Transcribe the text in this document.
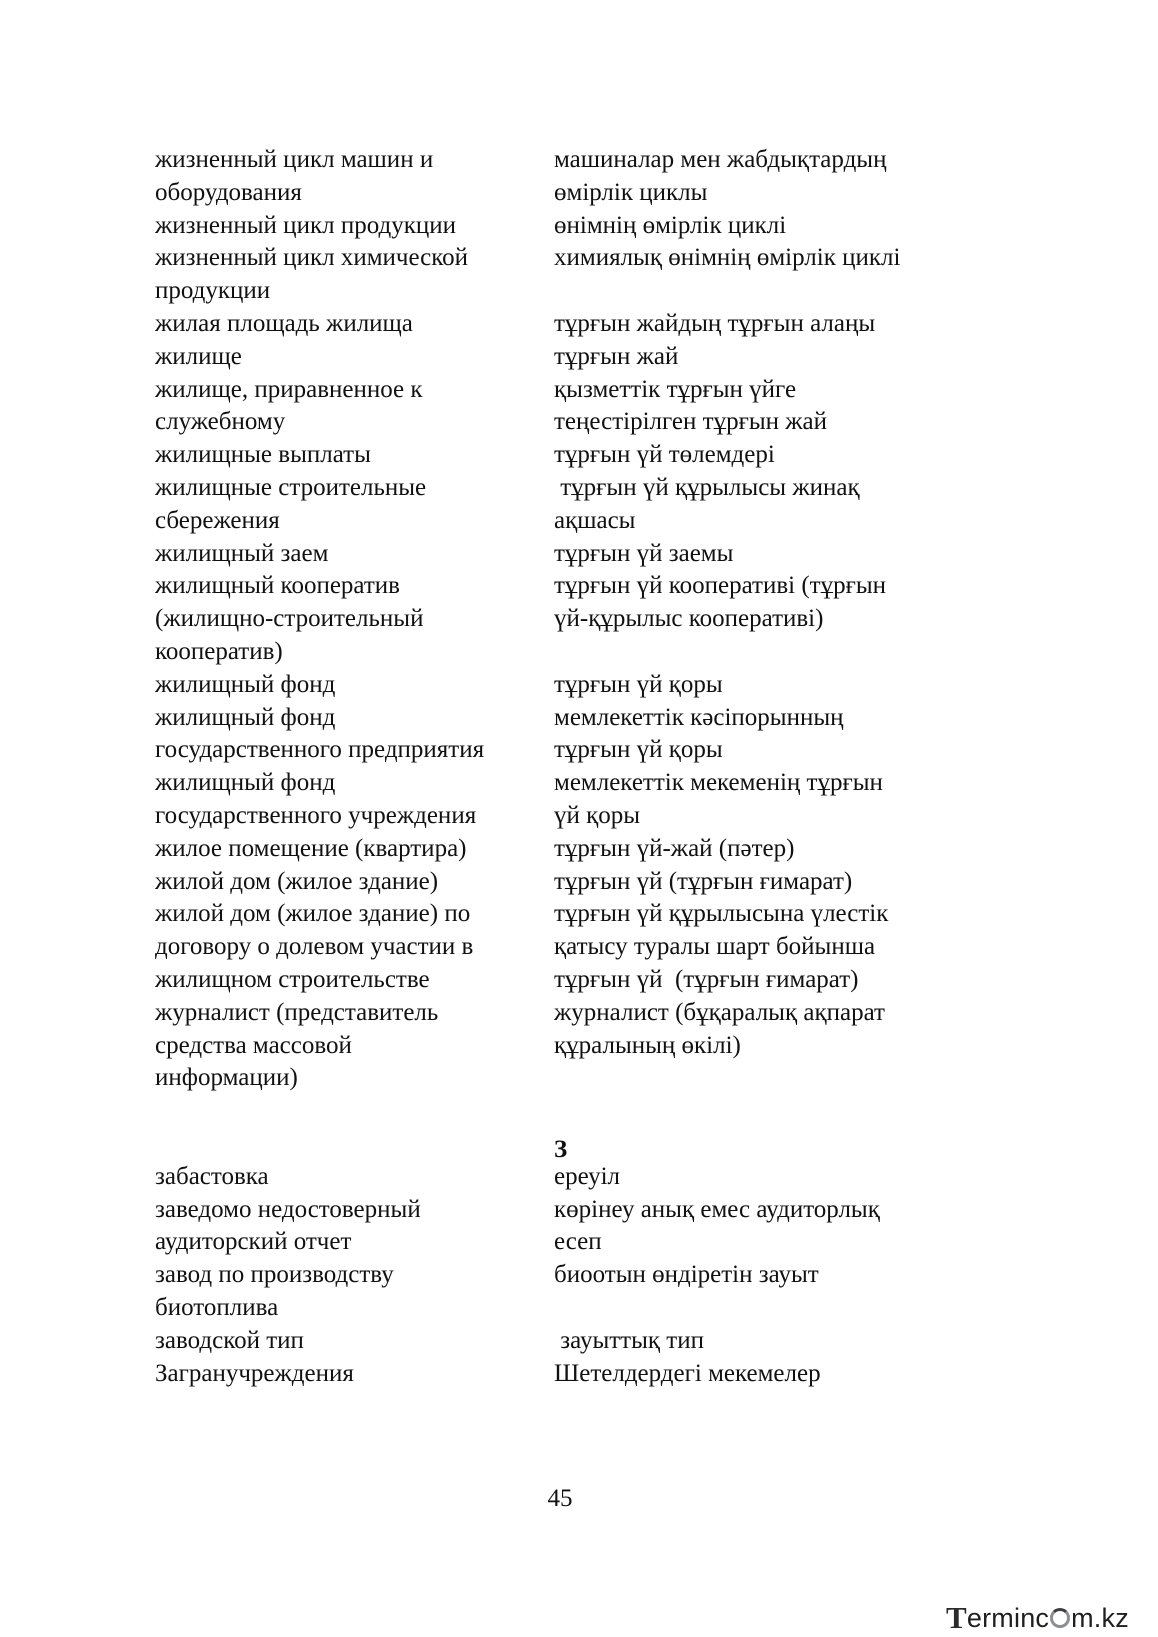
жизненный цикл машин и
оборудования
жизненный цикл продукции
жизненный цикл химической
продукции
жилая площадь жилища
жилище
жилище, приравненное к
служебному
жилищные выплаты
жилищные строительные
сбережения
жилищный заем
жилищный кооператив
(жилищно-строительный
кооператив)
жилищный фонд
жилищный фонд
государственного предприятия
жилищный фонд
государственного учреждения
жилое помещение (квартира)
жилой дом (жилое здание)
жилой дом (жилое здание) по
договору о долевом участии в
жилищном строительстве
журналист (представитель
средства массовой
информации)
забастовка
заведомо недостоверный
аудиторский отчет
завод по производству
биотоплива
заводской тип
Загранучреждения
машиналар мен жабдықтардың
өмірлік циклы
өнімнің өмірлік циклі
химиялық өнімнің өмірлік циклі
тұрғын жайдың тұрғын алаңы
тұрғын жай
қызметтік тұрғын үйге
теңестірілген тұрғын жай
тұрғын үй төлемдері
тұрғын үй құрылысы жинақ
ақшасы
тұрғын үй заемы
тұрғын үй кооперативі (тұрғын
үй-құрылыс кооперативі)
тұрғын үй қоры
мемлекеттік кәсіпорынның
тұрғын үй қоры
мемлекеттік мекеменің тұрғын
үй қоры
тұрғын үй-жай (пәтер)
тұрғын үй (тұрғын ғимарат)
тұрғын үй құрылысына үлестік
қатысу туралы шарт бойынша
тұрғын үй  (тұрғын ғимарат)
журналист (бұқаралық ақпарат
құралының өкілі)
З
ереуіл
көрінеу анық емес аудиторлық
есеп
биоотын өндіретін зауыт
зауыттық тип
Шетелдердегі мекемелер
45
T erminc m.kz
